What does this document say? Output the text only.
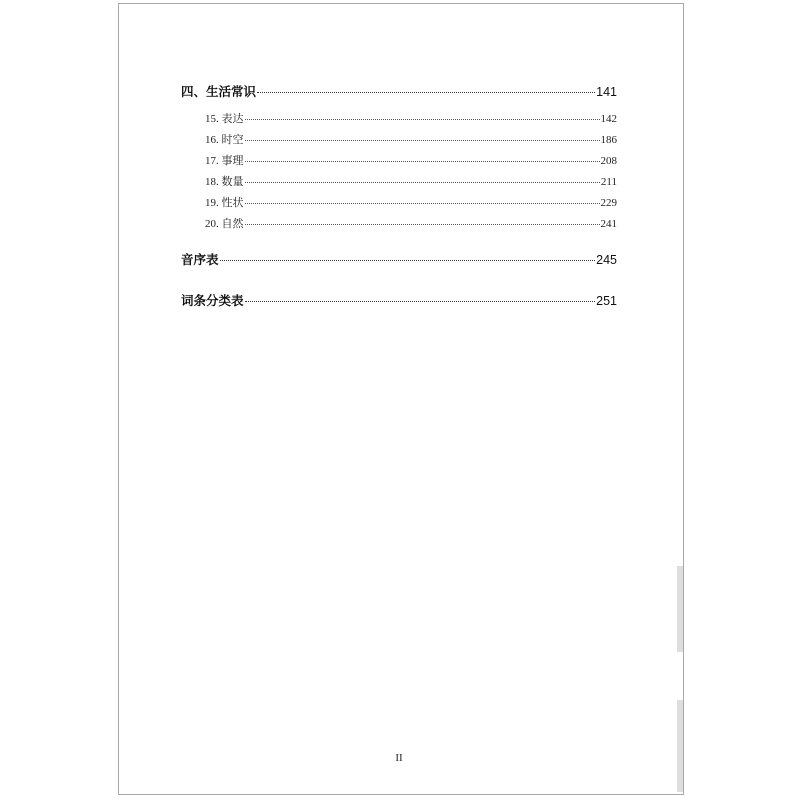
四、生活常识	141
15. 表达	142
16. 时空	186
17. 事理	208
18. 数量	211
19. 性状	229
20. 自然	241
音序表	245
词条分类表	251
II
